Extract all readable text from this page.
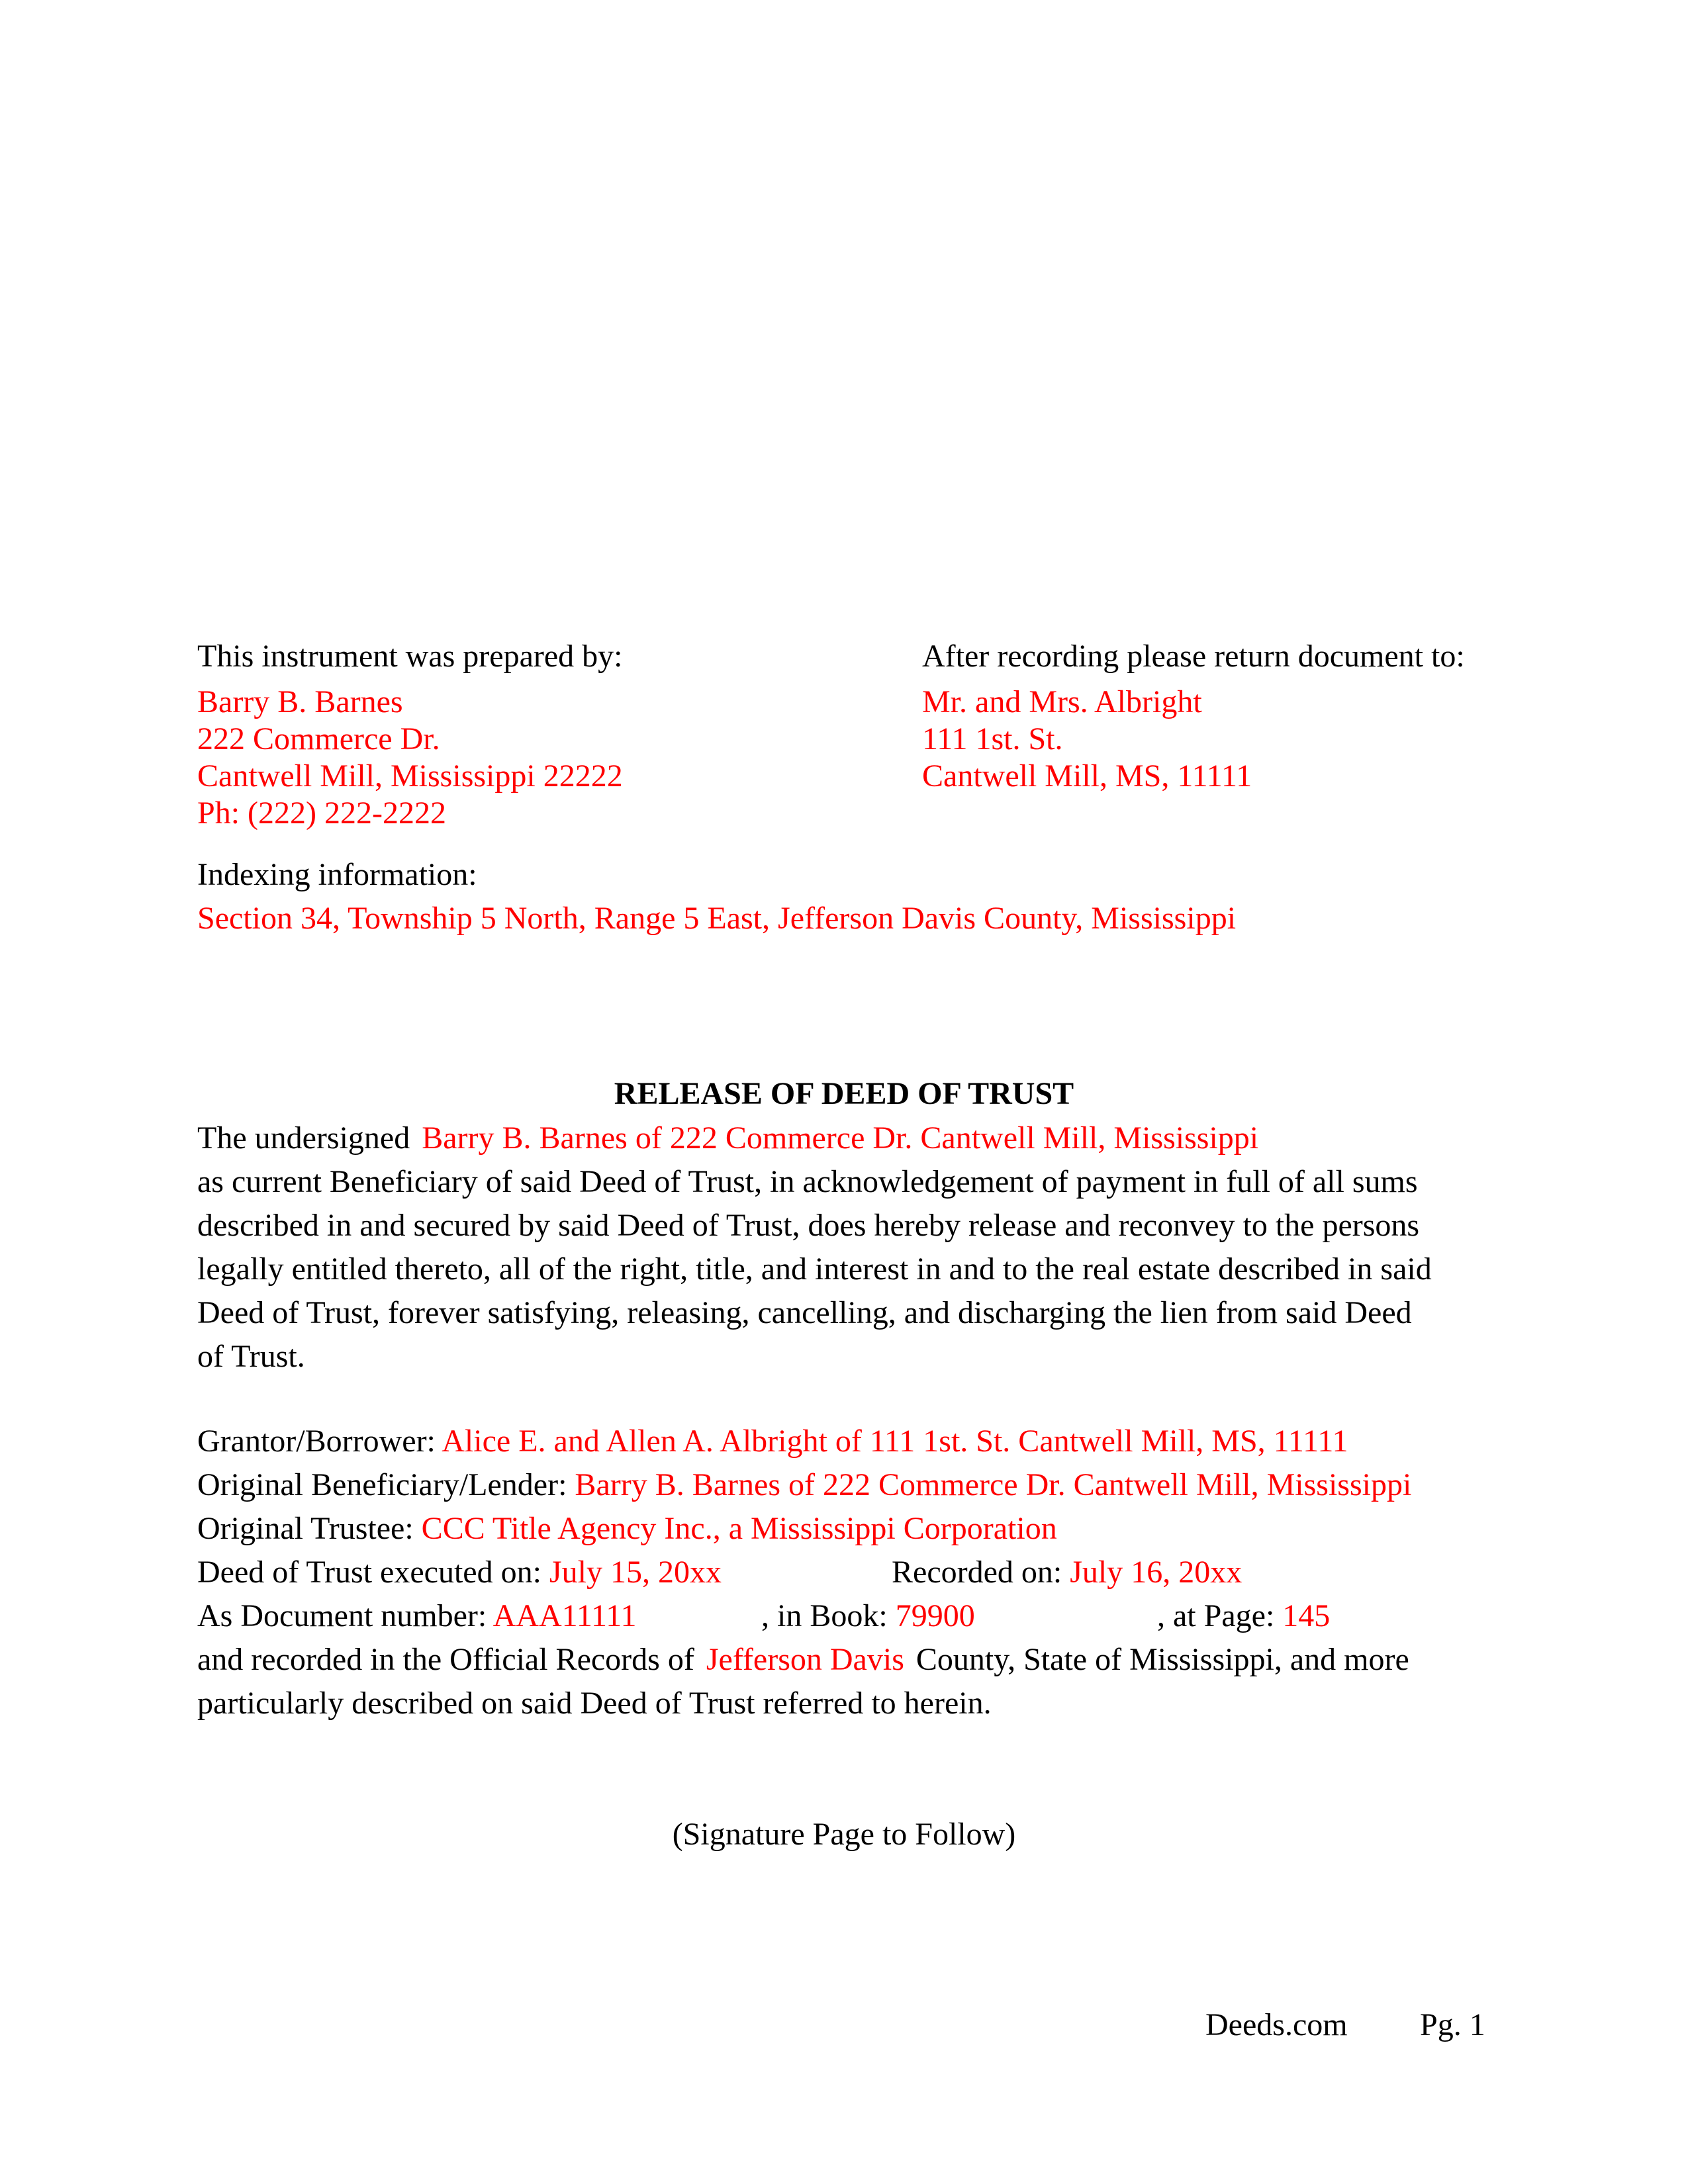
This instrument was prepared by:
Barry B. Barnes
222 Commerce Dr.
Cantwell Mill, Mississippi 22222
Ph: (222) 222-2222
After recording please return document to:
Mr. and Mrs. Albright
111 1st. St.
Cantwell Mill, MS, 11111
Indexing information:
Section 34, Township 5 North, Range 5 East, Jefferson Davis County, Mississippi
RELEASE OF DEED OF TRUST
The undersigned Barry B. Barnes of 222 Commerce Dr. Cantwell Mill, Mississippi
as current Beneficiary of said Deed of Trust, in acknowledgement of payment in full of all sums
described in and secured by said Deed of Trust, does hereby release and reconvey to the persons
legally entitled thereto, all of the right, title, and interest in and to the real estate described in said
Deed of Trust, forever satisfying, releasing, cancelling, and discharging the lien from said Deed
of Trust.
Grantor/Borrower: Alice E. and Allen A. Albright of 111 1st. St. Cantwell Mill, MS, 11111
Original Beneficiary/Lender: Barry B. Barnes of 222 Commerce Dr. Cantwell Mill, Mississippi
Original Trustee: CCC Title Agency Inc., a Mississippi Corporation
Deed of Trust executed on: July 15, 20xx	Recorded on: July 16, 20xx
As Document number: AAA11111	, in Book: 79900	, at Page: 145
and recorded in the Official Records of Jefferson Davis County, State of Mississippi, and more
particularly described on said Deed of Trust referred to herein.
(Signature Page to Follow)
Deeds.com Pg. 1
